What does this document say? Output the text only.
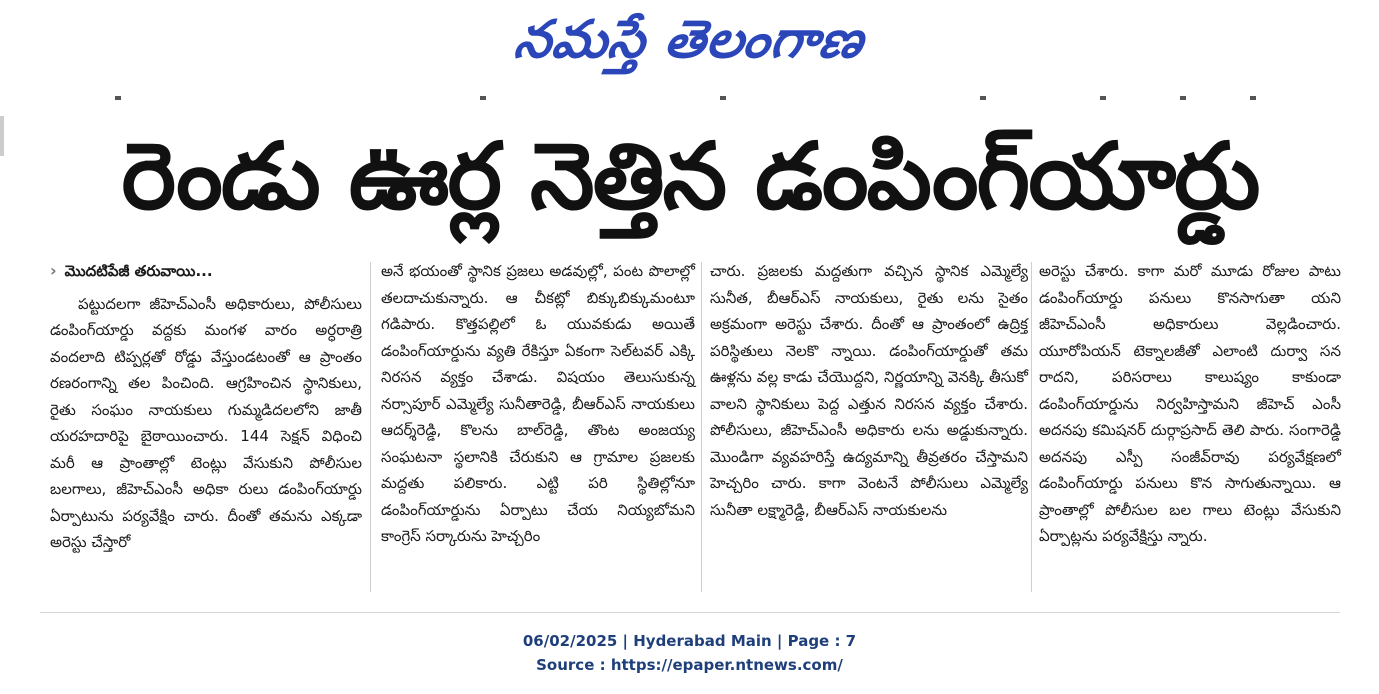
నమస్తే తెలంగాణ
రెండు ఊర్ల నెత్తిన డంపింగ్‌యార్డు
› మొదటిపేజీ తరువాయి...

పట్టుదలగా జీహెచ్‌ఎంసీ అధికారులు, పోలీసులు డంపింగ్‌యార్డు వద్దకు మంగళ వారం అర్ధరాత్రి వందలాది టిప్పర్లతో రోడ్డు వేస్తుండటంతో ఆ ప్రాంతం రణరంగాన్ని తల పించింది. ఆగ్రహించిన స్థానికులు, రైతు సంఘం నాయకులు గుమ్మడిదలలోని జాతీ యరహదారిపై బైఠాయించారు. 144 సెక్షన్ విధించి మరీ ఆ ప్రాంతాల్లో టెంట్లు వేసుకుని పోలీసుల బలగాలు, జీహెచ్‌ఎంసీ అధికా రులు డంపింగ్‌యార్డు ఏర్పాటును పర్యవేక్షిం చారు. దీంతో తమను ఎక్కడా అరెస్టు చేస్తారో

అనే భయంతో స్థానిక ప్రజలు అడవుల్లో, పంట పొలాల్లో తలదాచుకున్నారు. ఆ చీకట్లో బిక్కుబిక్కుమంటూ గడిపారు. కొత్తపల్లిలో ఓ యువకుడు అయితే డంపింగ్‌యార్డును వ్యతి రేకిస్తూ ఏకంగా సెల్‌టవర్ ఎక్కి నిరసన వ్యక్తం చేశాడు. విషయం తెలుసుకున్న నర్సాపూర్ ఎమ్మెల్యే సునీతారెడ్డి, బీఆర్‌ఎస్ నాయకులు ఆదర్శ్‌రెడ్డి, కొలను బాల్‌రెడ్డి, తొంట అంజయ్య సంఘటనా స్థలానికి చేరుకుని ఆ గ్రామాల ప్రజలకు మద్దతు పలికారు. ఎట్టి పరి స్థితిల్లోనూ డంపింగ్‌యార్డును ఏర్పాటు చేయ నియ్యబోమని కాంగ్రెస్ సర్కారును హెచ్చరిం

చారు. ప్రజలకు మద్దతుగా వచ్చిన స్థానిక ఎమ్మెల్యే సునీత, బీఆర్‌ఎస్ నాయకులు, రైతు లను సైతం అక్రమంగా అరెస్టు చేశారు. దీంతో ఆ ప్రాంతంలో ఉద్రిక్త పరిస్థితులు నెలకొ న్నాయి. డంపింగ్‌యార్డుతో తమ ఊళ్లను వల్ల కాడు చేయొద్దని, నిర్ణయాన్ని వెనక్కి తీసుకో వాలని స్థానికులు పెద్ద ఎత్తున నిరసన వ్యక్తం చేశారు. పోలీసులు, జీహెచ్‌ఎంసీ అధికారు లను అడ్డుకున్నారు. మొండిగా వ్యవహరిస్తే ఉద్యమాన్ని తీవ్రతరం చేస్తామని హెచ్చరిం చారు. కాగా వెంటనే పోలీసులు ఎమ్మెల్యే సునీతా లక్ష్మారెడ్డి, బీఆర్‌ఎస్ నాయకులను

అరెస్టు చేశారు. కాగా మరో మూడు రోజుల పాటు డంపింగ్‌యార్డు పనులు కొనసాగుతా యని జీహెచ్‌ఎంసీ అధికారులు వెల్లడించారు. యూరోపియన్ టెక్నాలజీతో ఎలాంటి దుర్వా సన రాదని, పరిసరాలు కాలుష్యం కాకుండా డంపింగ్‌యార్డును నిర్వహిస్తామని జీహెచ్ ఎంసీ అదనపు కమిషనర్ దుర్గాప్రసాద్ తెలి పారు. సంగారెడ్డి అదనపు ఎస్పీ సంజీవ్‌రావు పర్యవేక్షణలో డంపింగ్‌యార్డు పనులు కొన సాగుతున్నాయి. ఆ ప్రాంతాల్లో పోలీసుల బల గాలు టెంట్లు వేసుకుని ఏర్పాట్లను పర్యవేక్షిస్తు న్నారు.

06/02/2025 | Hyderabad Main | Page : 7
Source : https://epaper.ntnews.com/
